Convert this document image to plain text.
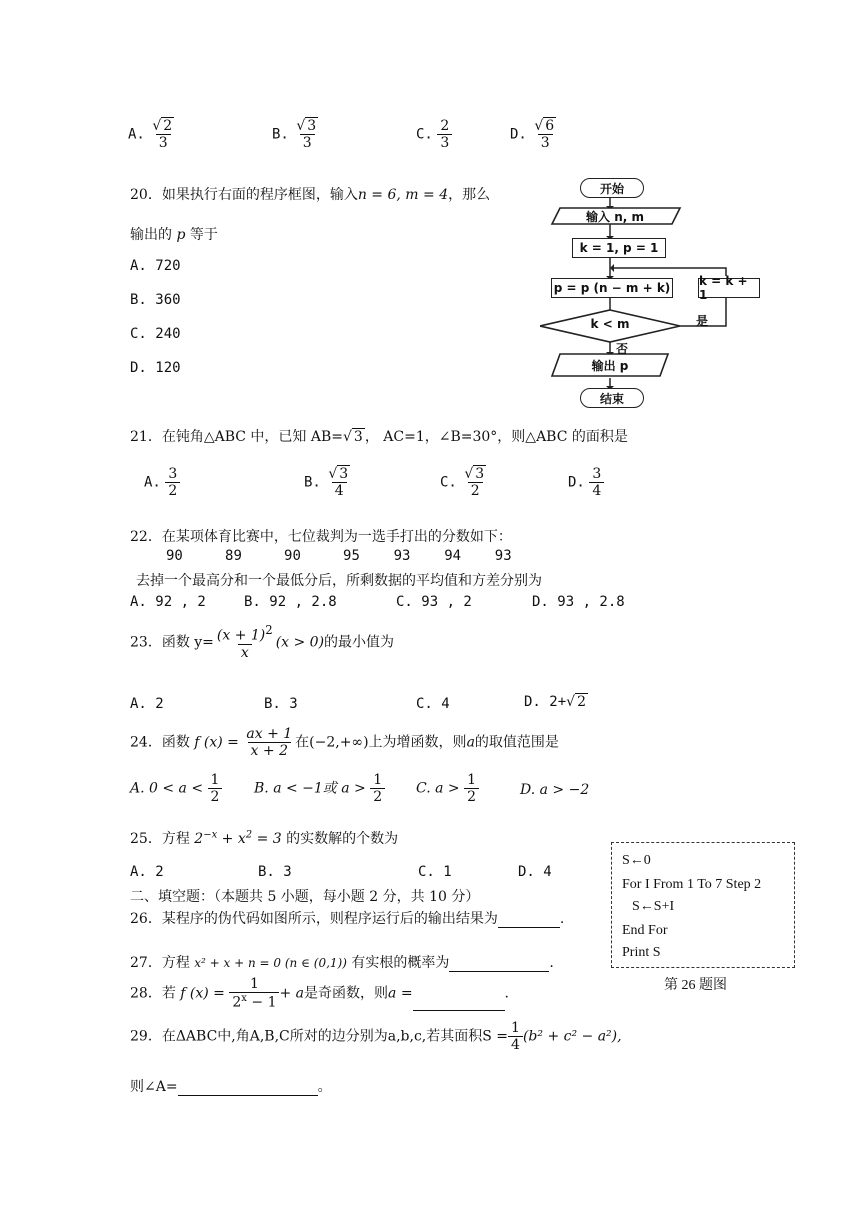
A. $\frac{√ 2}{3}$	B. $\frac{√ 3}{3}$	C. $\frac{2}{3}$	D. $\frac{√ 6}{3}$
20．如果执行右面的程序框图，输入n = 6, m = 4，那么
输出的 p 等于
A. 720
B. 360
C. 240
D. 120
开始
输入 n, m
k = 1, p = 1
p = p (n − m + k) k = k + 1
k < m	是
否
输出 p
结束
21．在钝角△ABC 中，已知 AB=√ 3 ， AC=1，∠B=30°，则△ABC 的面积是
A. $\frac{3}{2}$	B. $\frac{√ 3}{4}$	C. $\frac{√ 3}{2}$	D. $\frac{3}{4}$
22．在某项体育比赛中，七位裁判为一选手打出的分数如下：
90	89	90	95 93 94 93
去掉一个最高分和一个最低分后，所剩数据的平均值和方差分别为
A. 92 , 2	B. 92 , 2.8	C. 93 , 2	D. 93 , 2.8
23．函数 $y= \frac{(x + 1)^2}{x} (x > 0)$的最小值为
A. 2	B. 3	C. 4	D. 2+√ 2
24．函数 f $(x) = \frac{ax + 1}{x + 2}$ 在(−2,+∞)上为增函数，则a的取值范围是
A. $0 < a < \frac{1}{2} B$. a < −1或 $a > \frac{1}{2} C$. $a > \frac{1}{2}$	D. a > −2
25．方程 $2^{-x} + x^2 = 3$ 的实数解的个数为
A. 2	B. 3	C. 1	D. 4
二、填空题：（本题共 5 小题，每小题 2 分，共 10 分）
26．某程序的伪代码如图所示，则程序运行后的输出结果为	.
S←0
For I From 1 To 7 Step 2
S←S+I
End For
Print S
第 26 题图
27．方程 x² + x + n = 0 (n ∈ (0,1)) 有实根的概率为	.
28．若 f $(x) = \frac{1}{2^x - 1} + a$是奇函数，则a =	.
29．在ΔABC中,角A,B,C所对的边分别为a,b,c,若其面积$S = \frac{1}{4} (b^2 + c^2 - a^2)$,
则∠A=	。
